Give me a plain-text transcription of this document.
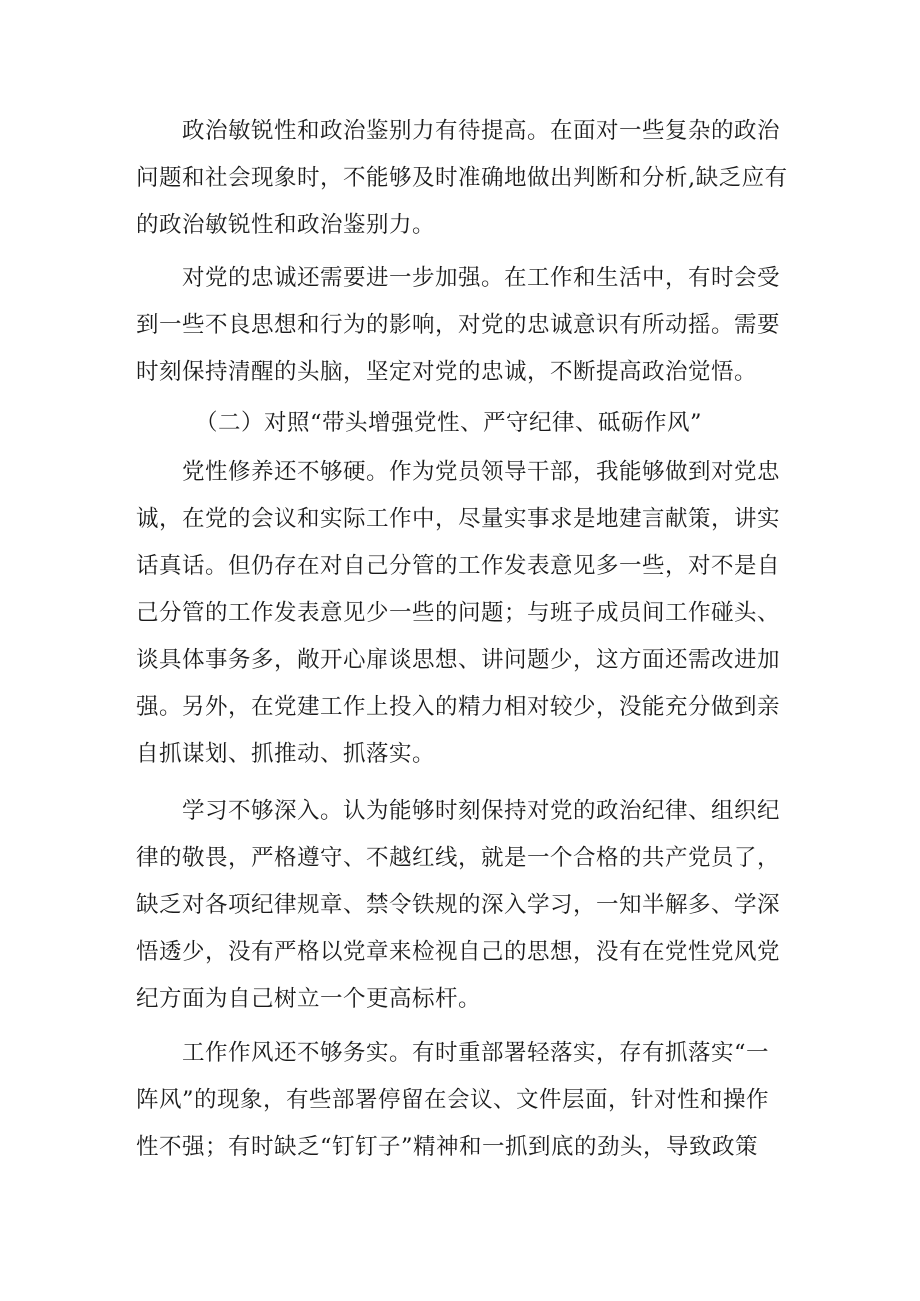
　　政治敏锐性和政治鉴别力有待提高。在面对一些复杂的政治
问题和社会现象时，不能够及时准确地做出判断和分析,缺乏应有
的政治敏锐性和政治鉴别力。

　　对党的忠诚还需要进一步加强。在工作和生活中，有时会受
到一些不良思想和行为的影响，对党的忠诚意识有所动摇。需要
时刻保持清醒的头脑，坚定对党的忠诚，不断提高政治觉悟。

（二）对照“带头增强党性、严守纪律、砥砺作风”

　　党性修养还不够硬。作为党员领导干部，我能够做到对党忠
诚，在党的会议和实际工作中，尽量实事求是地建言献策，讲实
话真话。但仍存在对自己分管的工作发表意见多一些，对不是自
己分管的工作发表意见少一些的问题；与班子成员间工作碰头、
谈具体事务多，敞开心扉谈思想、讲问题少，这方面还需改进加
强。另外，在党建工作上投入的精力相对较少，没能充分做到亲
自抓谋划、抓推动、抓落实。

　　学习不够深入。认为能够时刻保持对党的政治纪律、组织纪
律的敬畏，严格遵守、不越红线，就是一个合格的共产党员了，
缺乏对各项纪律规章、禁令铁规的深入学习，一知半解多、学深
悟透少，没有严格以党章来检视自己的思想，没有在党性党风党
纪方面为自己树立一个更高标杆。

　　工作作风还不够务实。有时重部署轻落实，存有抓落实“一
阵风”的现象，有些部署停留在会议、文件层面，针对性和操作
性不强；有时缺乏“钉钉子”精神和一抓到底的劲头，导致政策
